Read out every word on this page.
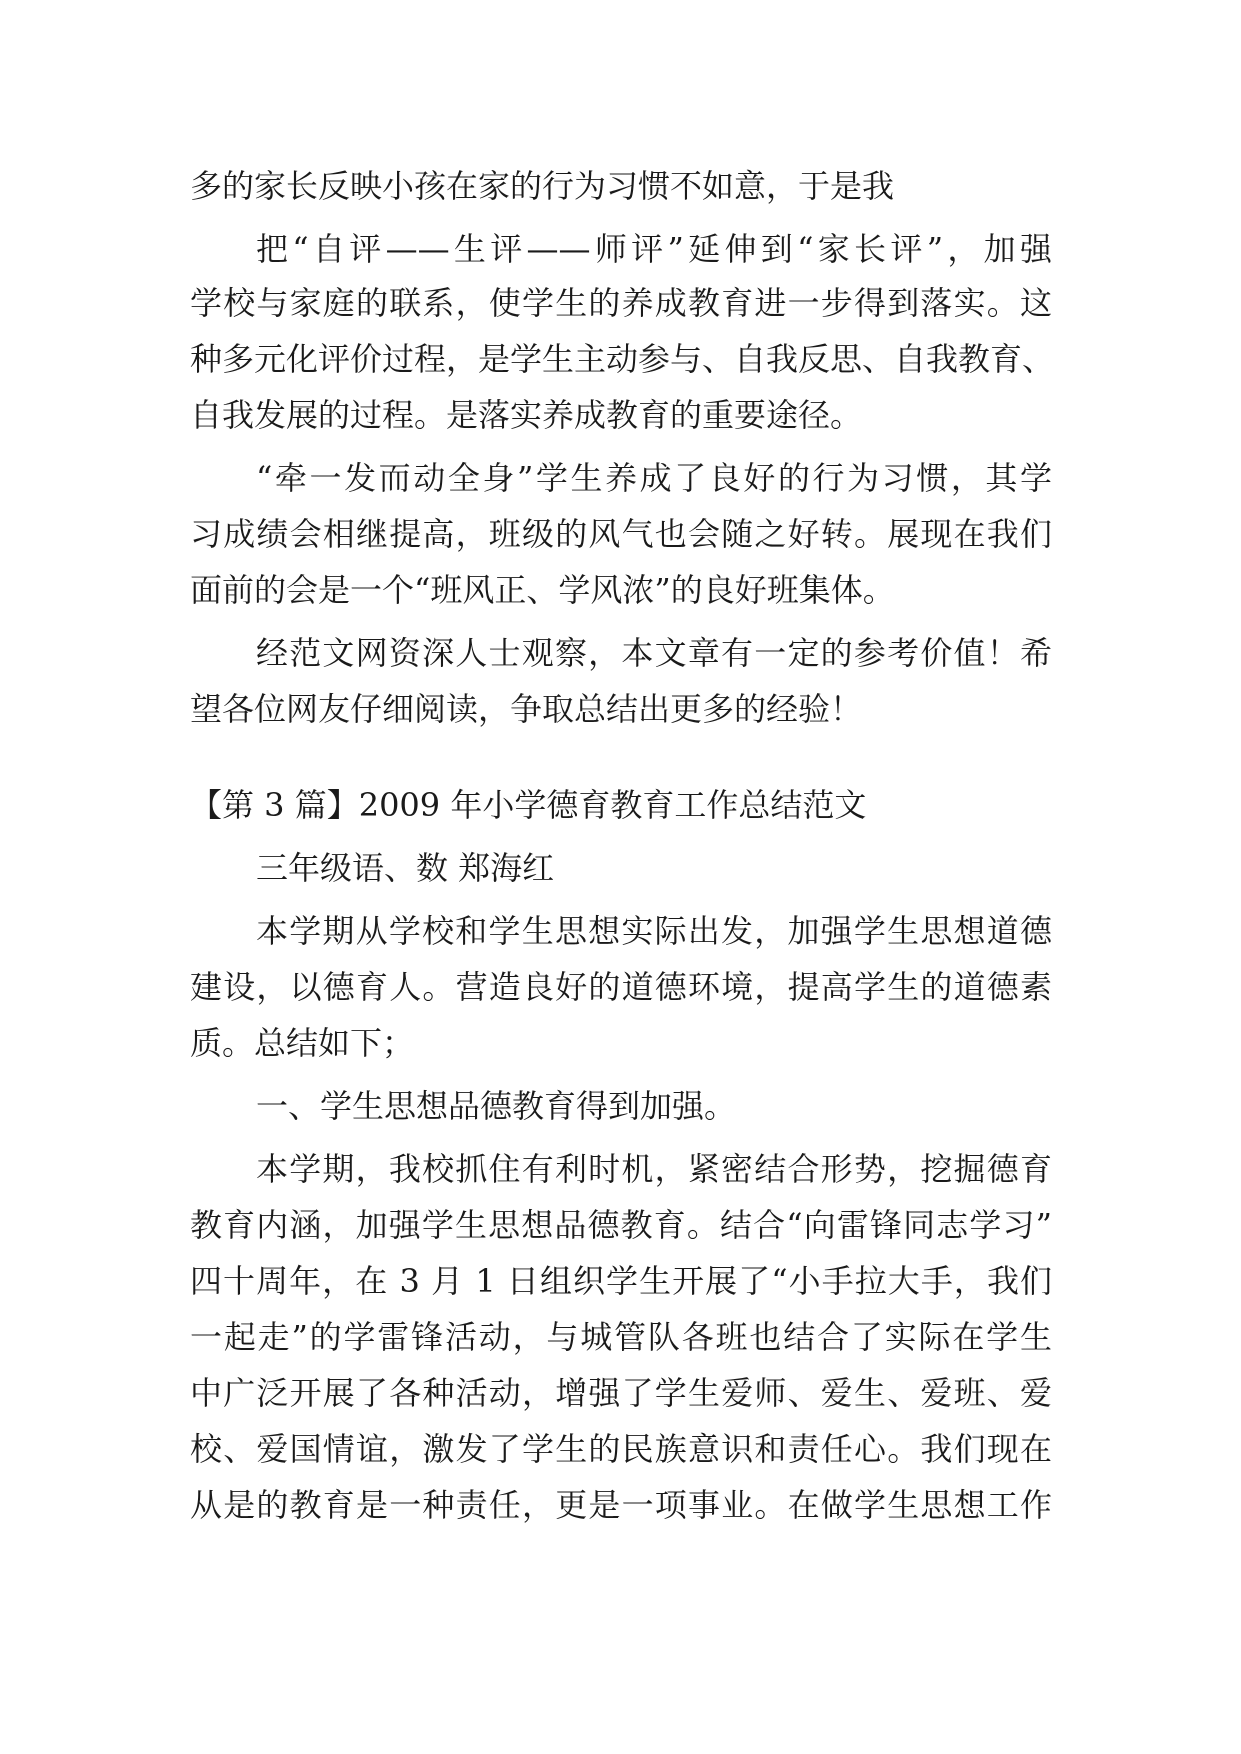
多的家长反映小孩在家的行为习惯不如意，于是我

把“自评——生评——师评”延伸到“家长评”，加强

学校与家庭的联系，使学生的养成教育进一步得到落实。这

种多元化评价过程，是学生主动参与、自我反思、自我教育、

自我发展的过程。是落实养成教育的重要途径。

“牵一发而动全身”学生养成了良好的行为习惯，其学

习成绩会相继提高，班级的风气也会随之好转。展现在我们

面前的会是一个“班风正、学风浓”的良好班集体。

经范文网资深人士观察，本文章有一定的参考价值！希

望各位网友仔细阅读，争取总结出更多的经验！

【第 3 篇】2009 年小学德育教育工作总结范文

三年级语、数 郑海红

本学期从学校和学生思想实际出发，加强学生思想道德

建设，以德育人。营造良好的道德环境，提高学生的道德素

质。总结如下；

一、学生思想品德教育得到加强。

本学期，我校抓住有利时机，紧密结合形势，挖掘德育

教育内涵，加强学生思想品德教育。结合“向雷锋同志学习”

四十周年，在 3 月 1 日组织学生开展了“小手拉大手，我们

一起走”的学雷锋活动，与城管队各班也结合了实际在学生

中广泛开展了各种活动，增强了学生爱师、爱生、爱班、爱

校、爱国情谊，激发了学生的民族意识和责任心。我们现在

从是的教育是一种责任，更是一项事业。在做学生思想工作
